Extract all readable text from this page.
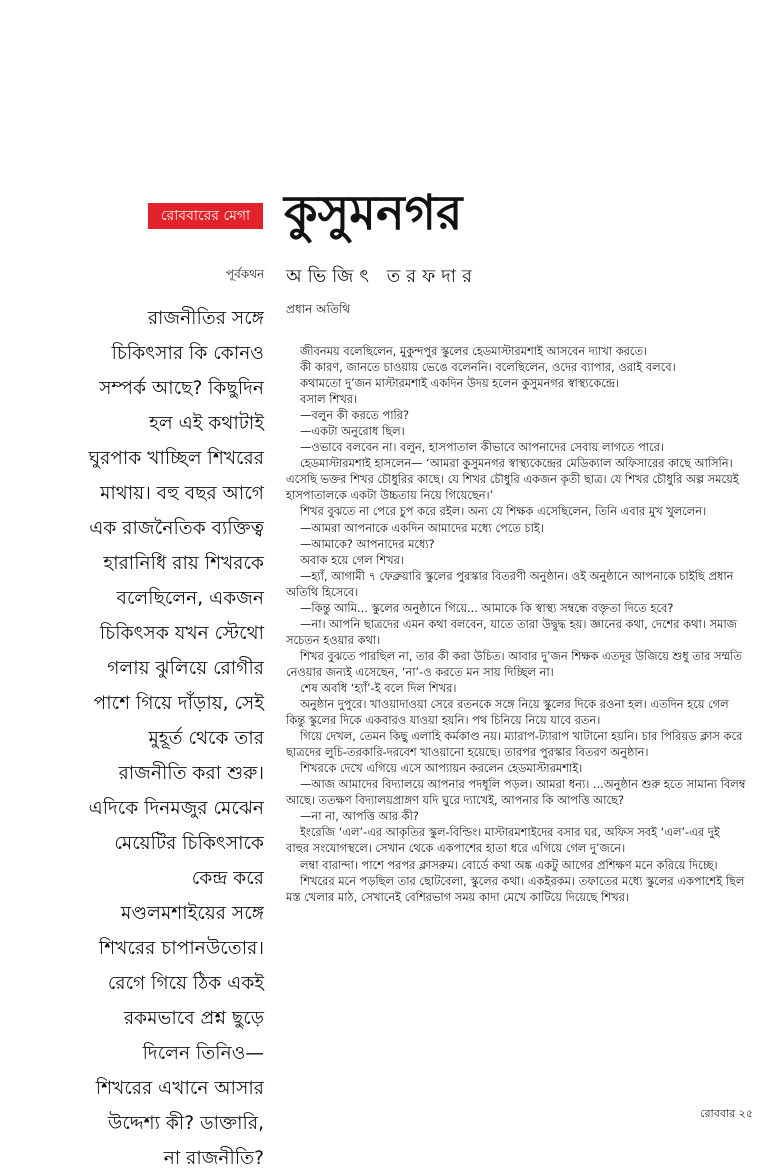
রোববারের মেগা কুসুমনগর
পূর্বকথন অভিজিৎ তরফদার
প্রধান অতিথি
রাজনীতির সঙ্গে
চিকিৎসার কি কোনও
সম্পর্ক আছে? কিছুদিন
হল এই কথাটাই
ঘুরপাক খাচ্ছিল শিখরের
মাথায়। বহু বছর আগে
এক রাজনৈতিক ব্যক্তিত্ব
হারানিধি রায় শিখরকে
বলেছিলেন, একজন
চিকিৎসক যখন স্টেথো
গলায় ঝুলিয়ে রোগীর
পাশে গিয়ে দাঁড়ায়, সেই
মুহূর্ত থেকে তার
রাজনীতি করা শুরু।
এদিকে দিনমজুর মেঝেন
মেয়েটির চিকিৎসাকে
কেন্দ্র করে
মণ্ডলমশাইয়ের সঙ্গে
শিখরের চাপানউতোর।
রেগে গিয়ে ঠিক একই
রকমভাবে প্রশ্ন ছুড়ে
দিলেন তিনিও—
শিখরের এখানে আসার
উদ্দেশ্য কী? ডাক্তারি,
না রাজনীতি?

জীবনময় বলেছিলেন, মুকুন্দপুর স্কুলের হেডমাস্টারমশাই আসবেন দ্যাখা করতে।

কী কারণ, জানতে চাওয়ায় ভেঙে বলেননি। বলেছিলেন, ওদের ব্যাপার, ওরাই বলবে।

কথামতো দু’জন মাস্টারমশাই একদিন উদয় হলেন কুসুমনগর স্বাস্থ্যকেন্দ্রে।

বসাল শিখর।

—বলুন কী করতে পারি?

—একটা অনুরোধ ছিল।

—ওভাবে বলবেন না। বলুন, হাসপাতাল কীভাবে আপনাদের সেবায় লাগতে পারে।

হেডমাস্টারমশাই হাসলেন— ‘আমরা কুসুমনগর স্বাস্থ্যকেন্দ্রের মেডিক্যাল অফিসারের কাছে আসিনি। এসেছি ভক্তর শিখর চৌধুরির কাছে। যে শিখর চৌধুরি একজন কৃতী ছাত্র। যে শিখর চৌধুরি অল্প সময়েই হাসপাতালকে একটা উচ্চতায় নিয়ে গিয়েছেন।’

শিখর বুঝতে না পেরে চুপ করে রইল। অন্য যে শিক্ষক এসেছিলেন, তিনি এবার মুখ খুললেন।

—আমরা আপনাকে একদিন আমাদের মধ্যে পেতে চাই।

—আমাকে? আপনাদের মধ্যে?

অবাক হয়ে গেল শিখর।

—হ্যাঁ, আগামী ৭ ফেব্রুয়ারি স্কুলের পুরস্কার বিতরণী অনুষ্ঠান। ওই অনুষ্ঠানে আপনাকে চাইছি প্রধান অতিথি হিসেবে।

—কিন্তু আমি... স্কুলের অনুষ্ঠানে গিয়ে... আমাকে কি স্বাস্থ্য সম্বন্ধে বক্তৃতা দিতে হবে?

—না। আপনি ছাত্রদের এমন কথা বলবেন, যাতে তারা উদ্বুদ্ধ হয়। জ্ঞানের কথা, দেশের কথা। সমাজ সচেতন হওয়ার কথা।

শিখর বুঝতে পারছিল না, তার কী করা উচিত। আবার দু’জন শিক্ষক এতদূর উজিয়ে শুধু তার সম্মতি নেওয়ার জন্যই এসেছেন, ‘না’-ও করতে মন সায় দিচ্ছিল না।

শেষ অবধি ‘হ্যাঁ’-ই বলে দিল শিখর।

অনুষ্ঠান দুপুরে। খাওয়াদাওয়া সেরে রতনকে সঙ্গে নিয়ে স্কুলের দিকে রওনা হল। এতদিন হয়ে গেল কিন্তু স্কুলের দিকে একবারও যাওয়া হয়নি। পথ চিনিয়ে নিয়ে যাবে রতন।

গিয়ে দেখল, তেমন কিছু এলাহি কর্মকাণ্ড নয়। ম্যারাপ-ট্যারাপ খাটানো হয়নি। চার পিরিয়ড ক্লাস করে ছাত্রদের লুচি-তরকারি-দরবেশ খাওয়ানো হয়েছে। তারপর পুরস্কার বিতরণ অনুষ্ঠান।

শিখরকে দেখে এগিয়ে এসে আপ্যায়ন করলেন হেডমাস্টারমশাই।

—আজ আমাদের বিদ্যালয়ে আপনার পদধূলি পড়ল। আমরা ধন্য। ...অনুষ্ঠান শুরু হতে সামান্য বিলম্ব আছে। ততক্ষণ বিদ্যালয়প্রাঙ্গণ যদি ঘুরে দ্যাখেই, আপনার কি আপত্তি আছে?

—না না, আপত্তি আর কী?

ইংরেজি ‘এল’-এর আকৃতির স্কুল-বিল্ডিং। মাস্টারমশাইদের বসার ঘর, অফিস সবই ‘এল’-এর দুই বাহুর সংযোগস্থলে। সেখান থেকে একপাশের হাতা ধরে এগিয়ে গেল দু’জনে।

লম্বা বারান্দা। পাশে পরপর ক্লাসরুম। বোর্ডে কথা অঙ্ক একটু আগের প্রশিক্ষণ মনে করিয়ে দিচ্ছে।

শিখরের মনে পড়ছিল তার ছোটবেলা, স্কুলের কথা। একইরকম। তফাতের মধ্যে স্কুলের একপাশেই ছিল মস্ত খেলার মাঠ, সেখানেই বেশিরভাগ সময় কাদা মেখে কাটিয়ে দিয়েছে শিখর।

রোববার ২৫
